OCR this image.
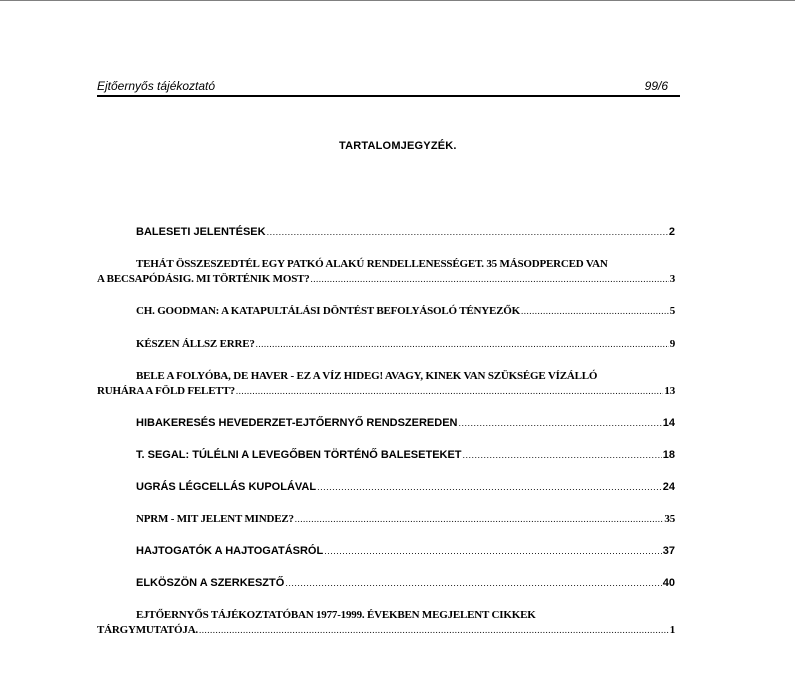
Ejtőernyős tájékoztató	99/6
TARTALOMJEGYZÉK.
BALESETI JELENTÉSEK .....	2
TEHÁT ÖSSZESZEDTÉL EGY PATKÓ ALAKÚ RENDELLENESSÉGET. 35 MÁSODPERCED VAN
A BECSAPÓDÁSIG. MI TÖRTÉNIK MOST? .....	3
CH. GOODMAN: A KATAPULTÁLÁSI DÖNTÉST BEFOLYÁSOLÓ TÉNYEZŐK .....	5
KÉSZEN ÁLLSZ ERRE? .....	9
BELE A FOLYÓBA, DE HAVER - EZ A VÍZ HIDEG! AVAGY, KINEK VAN SZÜKSÉGE VÍZÁLLÓ
RUHÁRA A FÖLD FELETT? .....	13
HIBAKERESÉS HEVEDERZET-EJTŐERNYŐ RENDSZEREDEN .....	14
T. SEGAL: TÚLÉLNI A LEVEGŐBEN TÖRTÉNŐ BALESETEKET .....	18
UGRÁS LÉGCELLÁS KUPOLÁVAL .....	24
NPRM - MIT JELENT MINDEZ? .....	35
HAJTOGATÓK A HAJTOGATÁSRÓL .....	37
ELKÖSZÖN A SZERKESZTŐ .....	40
EJTŐERNYŐS TÁJÉKOZTATÓBAN 1977-1999. ÉVEKBEN MEGJELENT CIKKEK
TÁRGYMUTATÓJA. .....	1
